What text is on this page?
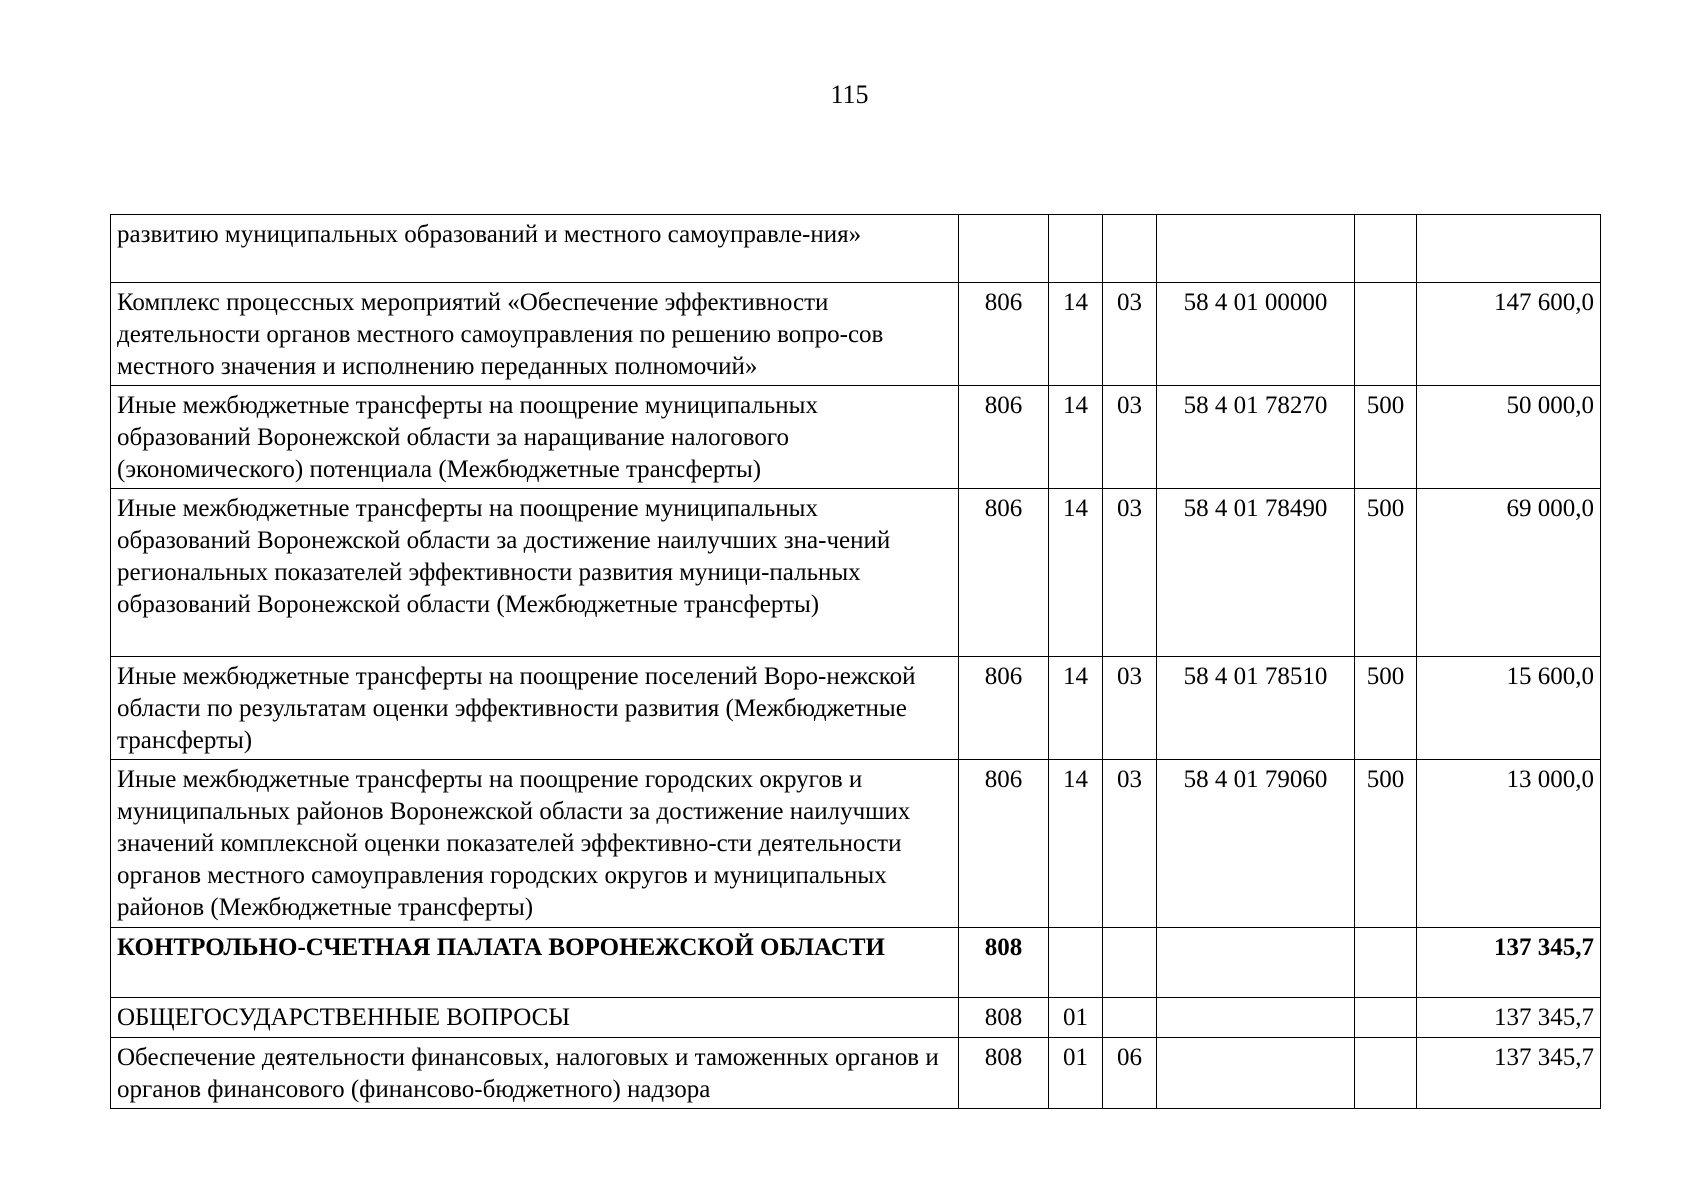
115
развитию муниципальных образований и местного самоуправле-ния»						
Комплекс процессных мероприятий «Обеспечение эффективности деятельности органов местного самоуправления по решению вопро-сов местного значения и исполнению переданных полномочий»	806	14	03	58 4 01 00000		147 600,0
Иные межбюджетные трансферты на поощрение муниципальных образований Воронежской области за наращивание налогового (экономического) потенциала (Межбюджетные трансферты)	806	14	03	58 4 01 78270	500	50 000,0
Иные межбюджетные трансферты на поощрение муниципальных образований Воронежской области за достижение наилучших зна-чений региональных показателей эффективности развития муници-пальных образований Воронежской области (Межбюджетные трансферты)	806	14	03	58 4 01 78490	500	69 000,0
Иные межбюджетные трансферты на поощрение поселений Воро-нежской области по результатам оценки эффективности развития (Межбюджетные трансферты)	806	14	03	58 4 01 78510	500	15 600,0
Иные межбюджетные трансферты на поощрение городских округов и муниципальных районов Воронежской области за достижение наилучших значений комплексной оценки показателей эффективно-сти деятельности органов местного самоуправления городских округов и муниципальных районов (Межбюджетные трансферты)	806	14	03	58 4 01 79060	500	13 000,0
КОНТРОЛЬНО-СЧЕТНАЯ ПАЛАТА ВОРОНЕЖСКОЙ ОБЛАСТИ	808					137 345,7
ОБЩЕГОСУДАРСТВЕННЫЕ ВОПРОСЫ	808	01				137 345,7
Обеспечение деятельности финансовых, налоговых и таможенных органов и органов финансового (финансово-бюджетного) надзора	808	01	06			137 345,7
